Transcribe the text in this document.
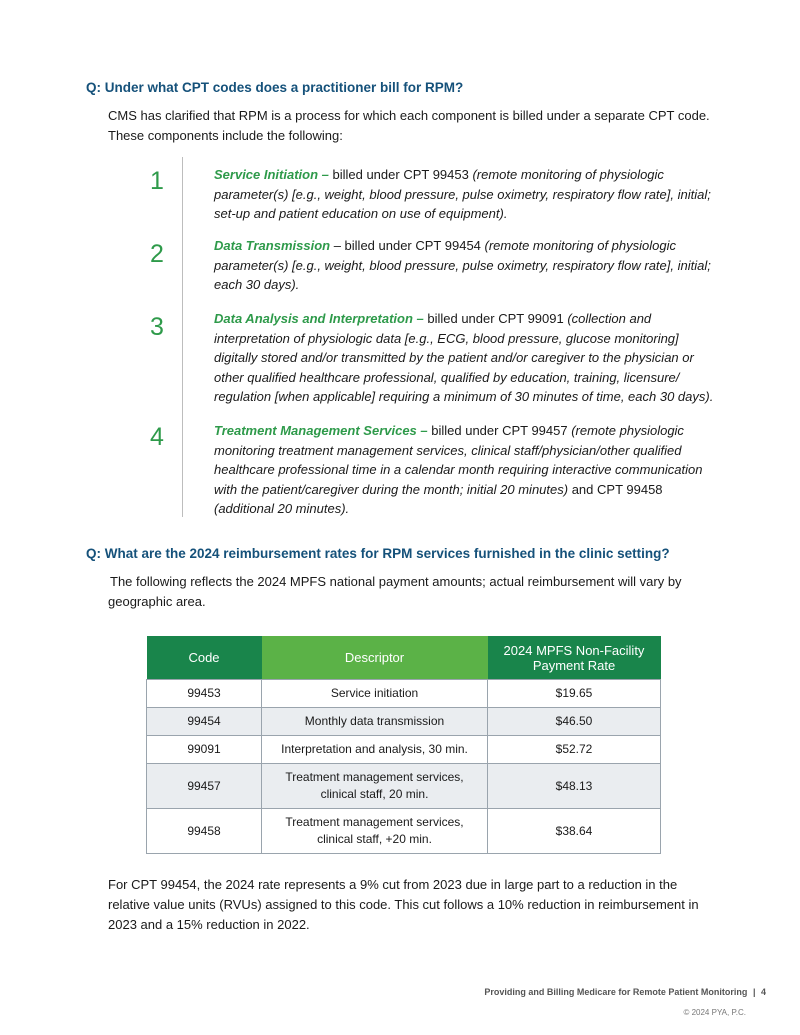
Q: Under what CPT codes does a practitioner bill for RPM?
CMS has clarified that RPM is a process for which each component is billed under a separate CPT code.
These components include the following:
1	Service Initiation – billed under CPT 99453 (remote monitoring of physiologic parameter(s) [e.g., weight, blood pressure, pulse oximetry, respiratory flow rate], initial; set-up and patient education on use of equipment).
2	Data Transmission – billed under CPT 99454 (remote monitoring of physiologic parameter(s) [e.g., weight, blood pressure, pulse oximetry, respiratory flow rate], initial; each 30 days).
3	Data Analysis and Interpretation – billed under CPT 99091 (collection and interpretation of physiologic data [e.g., ECG, blood pressure, glucose monitoring] digitally stored and/or transmitted by the patient and/or caregiver to the physician or other qualified healthcare professional, qualified by education, training, licensure/ regulation [when applicable] requiring a minimum of 30 minutes of time, each 30 days).
4	Treatment Management Services – billed under CPT 99457 (remote physiologic monitoring treatment management services, clinical staff/physician/other qualified healthcare professional time in a calendar month requiring interactive communication with the patient/caregiver during the month; initial 20 minutes) and CPT 99458 (additional 20 minutes).
Q: What are the 2024 reimbursement rates for RPM services furnished in the clinic setting?
The following reflects the 2024 MPFS national payment amounts; actual reimbursement will vary by geographic area.
Code	Descriptor	2024 MPFS Non-Facility Payment Rate
99453	Service initiation	$19.65
99454	Monthly data transmission	$46.50
99091	Interpretation and analysis, 30 min.	$52.72
99457	Treatment management services, clinical staff, 20 min.	$48.13
99458	Treatment management services, clinical staff, +20 min.	$38.64
For CPT 99454, the 2024 rate represents a 9% cut from 2023 due in large part to a reduction in the relative value units (RVUs) assigned to this code. This cut follows a 10% reduction in reimbursement in 2023 and a 15% reduction in 2022.
Providing and Billing Medicare for Remote Patient Monitoring | 4
© 2024 PYA, P.C.
